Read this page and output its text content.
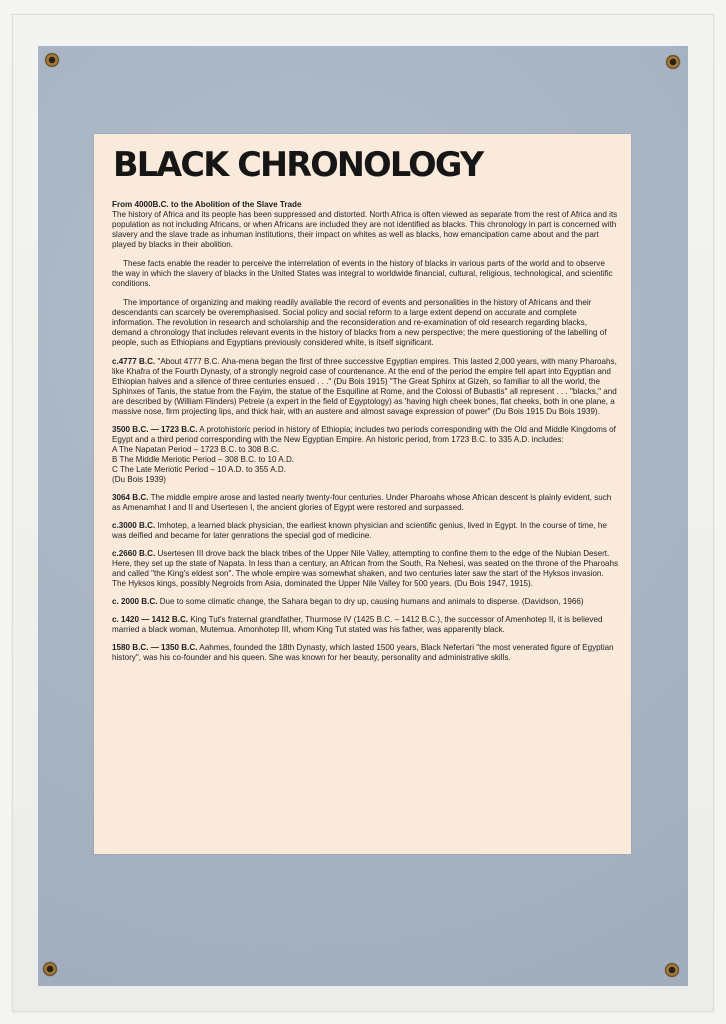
BLACK CHRONOLOGY

From 4000B.C. to the Abolition of the Slave Trade

The history of Africa and its people has been suppressed and distorted. North Africa is often viewed as separate from the rest of Africa and its population as not including Africans, or when Africans are included they are not identified as blacks. This chronology in part is concerned with slavery and the slave trade as inhuman institutions, their impact on whites as well as blacks, how emancipation came about and the part played by blacks in their abolition.

These facts enable the reader to perceive the interrelation of events in the history of blacks in various parts of the world and to observe the way in which the slavery of blacks in the United States was integral to worldwide financial, cultural, religious, technological, and scientific conditions.

The importance of organizing and making readily available the record of events and personalities in the history of Africans and their descendants can scarcely be overemphasised. Social policy and social reform to a large extent depend on accurate and complete information. The revolution in research and scholarship and the reconsideration and re-examination of old research regarding blacks, demand a chronology that includes relevant events in the history of blacks from a new perspective; the mere questioning of the labelling of people, such as Ethiopians and Egyptians previously considered white, is itself significant.

c.4777 B.C. "About 4777 B.C. Aha-mena began the first of three successive Egyptian empires. This lasted 2,000 years, with many Pharoahs, like Khafra of the Fourth Dynasty, of a strongly negroid case of countenance. At the end of the period the empire fell apart into Egyptian and Ethiopian halves and a silence of three centuries ensued . . ." (Du Bois 1915) "The Great Sphinx at Gizeh, so familiar to all the world, the Sphinxes of Tanis, the statue from the Fayim, the statue of the Esquiline at Rome, and the Colossi of Bubastis" all represent . . . "blacks," and are described by (William Flinders) Petreie (a expert in the field of Egyptology) as 'having high cheek bones, flat cheeks, both in one plane, a massive nose, firm projecting lips, and thick hair, with an austere and almost savage expression of power" (Du Bois 1915 Du Bois 1939).

3500 B.C. — 1723 B.C. A protohistoric period in history of Ethiopia; includes two periods corresponding with the Old and Middle Kingdoms of Egypt and a third period corresponding with the New Egyptian Empire. An historic period, from 1723 B.C. to 335 A.D. includes:

A The Napatan Period – 1723 B.C. to 308 B.C.

B The Middle Meriotic Period – 308 B.C. to 10 A.D.

C The Late Meriotic Period – 10 A.D. to 355 A.D.

(Du Bois 1939)

3064 B.C. The middle empire arose and lasted nearly twenty-four centuries. Under Pharoahs whose African descent is plainly evident, such as Amenamhat I and II and Usertesen I, the ancient glories of Egypt were restored and surpassed.

c.3000 B.C. Imhotep, a learned black physician, the earliest known physician and scientific genius, lived in Egypt. In the course of time, he was deified and became for later genrations the special god of medicine.

c.2660 B.C. Usertesen III drove back the black tribes of the Upper Nile Valley, attempting to confine them to the edge of the Nubian Desert. Here, they set up the state of Napata. In less than a century, an African from the South, Ra Nehesi, was seated on the throne of the Pharoahs and called "the King's eldest son". The whole empire was somewhat shaken, and two centuries later saw the start of the Hyksos invasion. The Hyksos kings, possibly Negroids from Asia, dominated the Upper Nile Valley for 500 years. (Du Bois 1947, 1915).

c. 2000 B.C. Due to some climatic change, the Sahara began to dry up, causing humans and animals to disperse. (Davidson, 1966)

c. 1420 — 1412 B.C. King Tut's fraternal grandfather, Thurmose IV (1425 B.C. – 1412 B.C.), the successor of Amenhotep II, it is believed married a black woman, Mutemua. Amonhotep III, whom King Tut stated was his father, was apparently black.

1580 B.C. — 1350 B.C. Aahmes, founded the 18th Dynasty, which lasted 1500 years, Black Nefertari "the most venerated figure of Egyptian history", was his co-founder and his queen. She was known for her beauty, personality and administrative skills.
